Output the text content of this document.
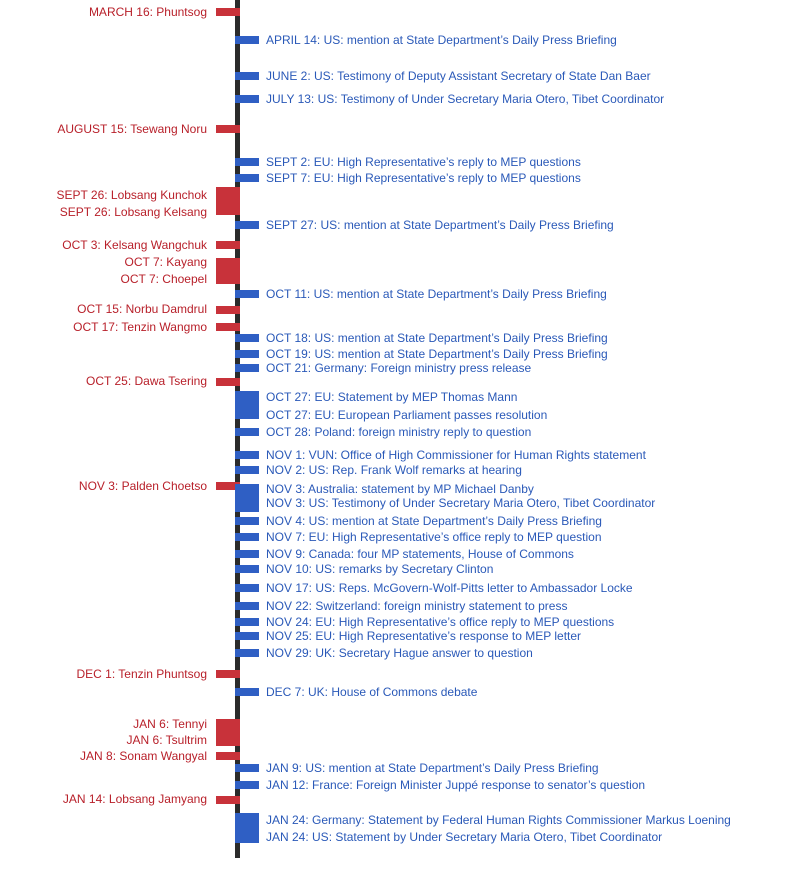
MARCH 16: Phuntsog
AUGUST 15: Tsewang Noru
SEPT 26: Lobsang Kunchok
SEPT 26: Lobsang Kelsang
OCT 3: Kelsang Wangchuk
OCT 7: Kayang
OCT 7: Choepel
OCT 15: Norbu Damdrul
OCT 17: Tenzin Wangmo
OCT 25: Dawa Tsering
NOV 3: Palden Choetso
DEC 1: Tenzin Phuntsog
JAN 6: Tennyi
JAN 6: Tsultrim
JAN 8: Sonam Wangyal
JAN 14: Lobsang Jamyang
APRIL 14: US: mention at State Department’s Daily Press Briefing
JUNE 2: US: Testimony of Deputy Assistant Secretary of State Dan Baer
JULY 13: US: Testimony of Under Secretary Maria Otero, Tibet Coordinator
SEPT 2: EU: High Representative’s reply to MEP questions
SEPT 7: EU: High Representative’s reply to MEP questions
SEPT 27: US: mention at State Department’s Daily Press Briefing
OCT 11: US: mention at State Department’s Daily Press Briefing
OCT 18: US: mention at State Department’s Daily Press Briefing
OCT 19: US: mention at State Department’s Daily Press Briefing
OCT 21: Germany: Foreign ministry press release
OCT 27: EU: Statement by MEP Thomas Mann
OCT 27: EU: European Parliament passes resolution
OCT 28: Poland: foreign ministry reply to question
NOV 1: VUN: Office of High Commissioner for Human Rights statement
NOV 2: US: Rep. Frank Wolf remarks at hearing
NOV 3: Australia: statement by MP Michael Danby
NOV 3: US: Testimony of Under Secretary Maria Otero, Tibet Coordinator
NOV 4: US: mention at State Department’s Daily Press Briefing
NOV 7: EU: High Representative’s office reply to MEP question
NOV 9: Canada: four MP statements, House of Commons
NOV 10: US: remarks by Secretary Clinton
NOV 17: US: Reps. McGovern-Wolf-Pitts letter to Ambassador Locke
NOV 22: Switzerland: foreign ministry statement to press
NOV 24: EU: High Representative’s office reply to MEP questions
NOV 25: EU: High Representative’s response to MEP letter
NOV 29: UK: Secretary Hague answer to question
DEC 7: UK: House of Commons debate
JAN 9: US: mention at State Department’s Daily Press Briefing
JAN 12: France: Foreign Minister Juppé response to senator’s question
JAN 24: Germany: Statement by Federal Human Rights Commissioner Markus Loening
JAN 24: US: Statement by Under Secretary Maria Otero, Tibet Coordinator
